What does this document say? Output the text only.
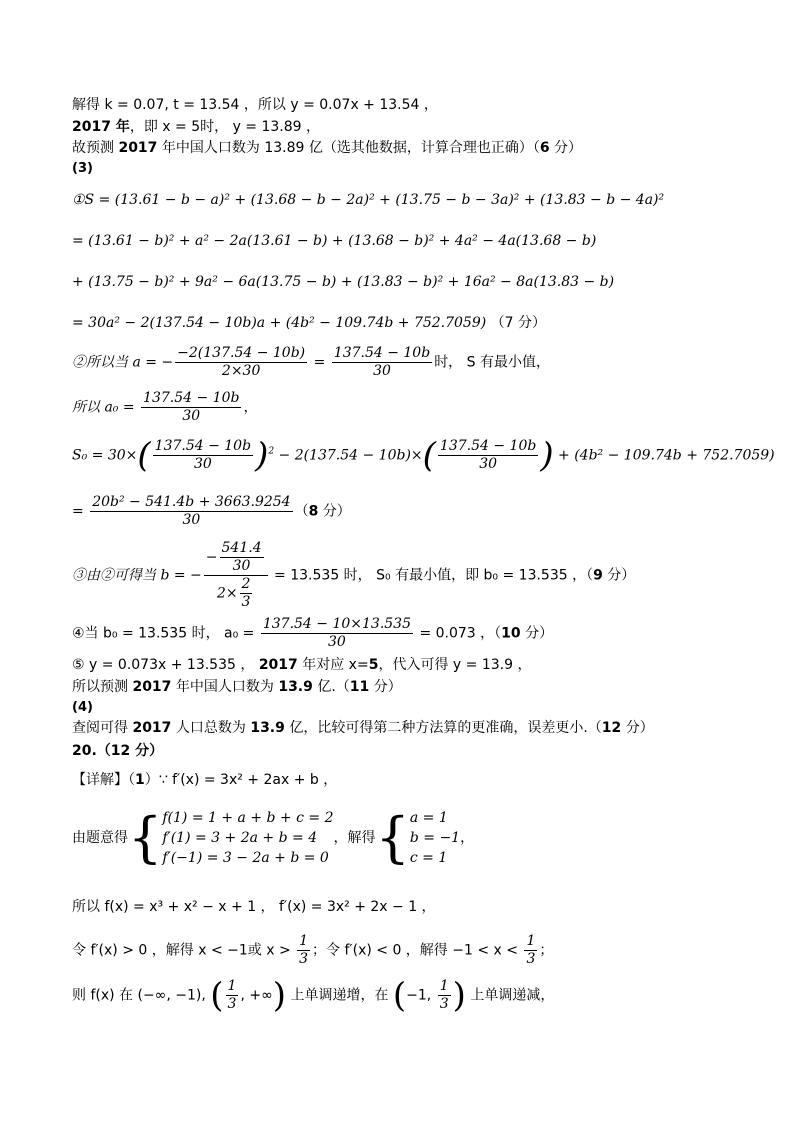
解得 k = 0.07, t = 13.54 ，所以 y = 0.07x + 13.54 ，
2017 年，即 x = 5时， y = 13.89 ，
故预测 2017 年中国人口数为 13.89 亿（选其他数据，计算合理也正确）（6 分）
(3)
①S = (13.61 − b − a)² + (13.68 − b − 2a)² + (13.75 − b − 3a)² + (13.83 − b − 4a)²
= (13.61 − b)² + a² − 2a(13.61 − b) + (13.68 − b)² + 4a² − 4a(13.68 − b)
+ (13.75 − b)² + 9a² − 6a(13.75 − b) + (13.83 − b)² + 16a² − 8a(13.83 − b)
= 30a² − 2(137.54 − 10b)a + (4b² − 109.74b + 752.7059) （7 分）
②所以当 a = − $\frac{-2(137.54 - 10b)}{2\times 30} = \frac{137.54 - 10b}{30}$ 时， S 有最小值，
所以 $a_0 = \frac{137.54 - 10b}{30}$ ，
$S_0 = 30\times( \frac{137.54 - 10b}{30} )^2 - 2(137.54 - 10b)\times( \frac{137.54 - 10b}{30}$ ) + (4b² − 109.74b + 752.7059)
= $\frac{\text{20b² − 541.4b + 3663.9254}}{30} (8$ 分）
③由②可得当 b = − $\frac{- \frac{541.4}{30}}{2\times \frac{2}{3}} = 13.535$ 时， S₀ 有最小值，即 b₀ = 13.535 ，（9 分）
④当 b₀ = 13.535 时， $a_0 = \frac{137.54 - 10\times 13.535}{30} = 0.073$ ，（10 分）
⑤ y = 0.073x + 13.535 ， 2017 年对应 x=5，代入可得 y = 13.9 ，
所以预测 2017 年中国人口数为 13.9 亿.（11 分）
(4)
查阅可得 2017 人口总数为 13.9 亿，比较可得第二种方法算的更准确，误差更小.（12 分）
20.（12 分）
【详解】（1）∵ f′(x) = 3x² + 2ax + b ，
由题意得{ f(1) = 1 + a + b + c = 2
f′(1) = 3 + 2a + b = 4
f′(−1) = 3 − 2a + b = 0
，解得{ a = 1
b = −1
c = 1
，
所以 f(x) = x³ + x² − x + 1 ， f′(x) = 3x² + 2x − 1 ，
令 f′(x) > 0 ，解得 x < −1或 $x > \frac{1}{3}$ ；令 f′(x) < 0 ，解得 $-1 < x < \frac{1}{3}$ ；
则 f(x) 在 (−∞, −1), ( $\frac{1}{3}$ , +∞) 上单调递增，在 (−1, $\frac{1}{3}$ ) 上单调递减，
